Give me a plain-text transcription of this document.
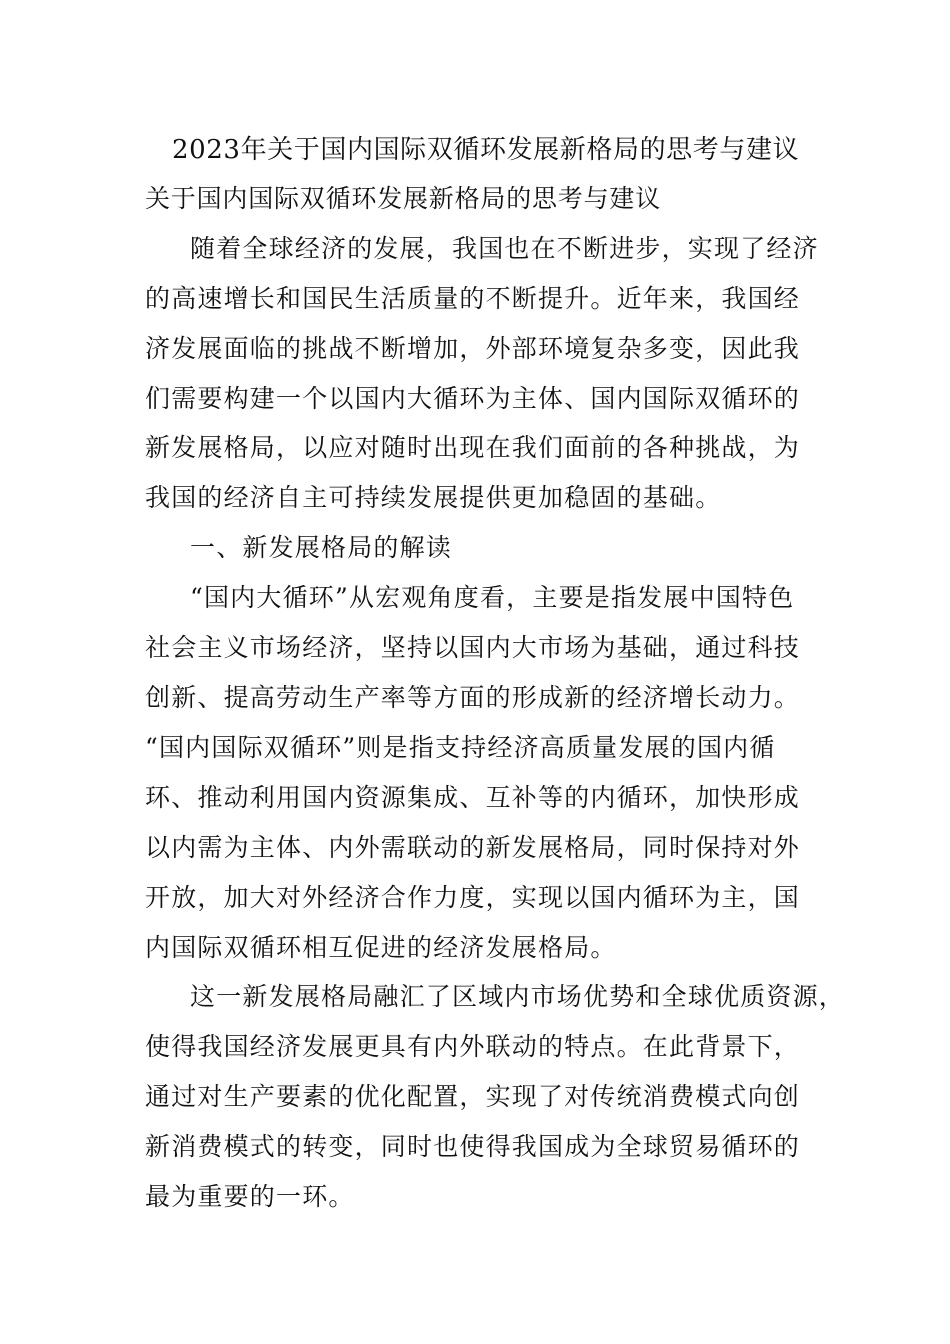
2023年关于国内国际双循环发展新格局的思考与建议
关于国内国际双循环发展新格局的思考与建议
随着全球经济的发展，我国也在不断进步，实现了经济
的高速增长和国民生活质量的不断提升。近年来，我国经
济发展面临的挑战不断增加，外部环境复杂多变，因此我
们需要构建一个以国内大循环为主体、国内国际双循环的
新发展格局，以应对随时出现在我们面前的各种挑战，为
我国的经济自主可持续发展提供更加稳固的基础。
一、新发展格局的解读
“国内大循环”从宏观角度看，主要是指发展中国特色
社会主义市场经济，坚持以国内大市场为基础，通过科技
创新、提高劳动生产率等方面的形成新的经济增长动力。
“国内国际双循环”则是指支持经济高质量发展的国内循
环、推动利用国内资源集成、互补等的内循环，加快形成
以内需为主体、内外需联动的新发展格局，同时保持对外
开放，加大对外经济合作力度，实现以国内循环为主，国
内国际双循环相互促进的经济发展格局。
这一新发展格局融汇了区域内市场优势和全球优质资源，
使得我国经济发展更具有内外联动的特点。在此背景下，
通过对生产要素的优化配置，实现了对传统消费模式向创
新消费模式的转变，同时也使得我国成为全球贸易循环的
最为重要的一环。
